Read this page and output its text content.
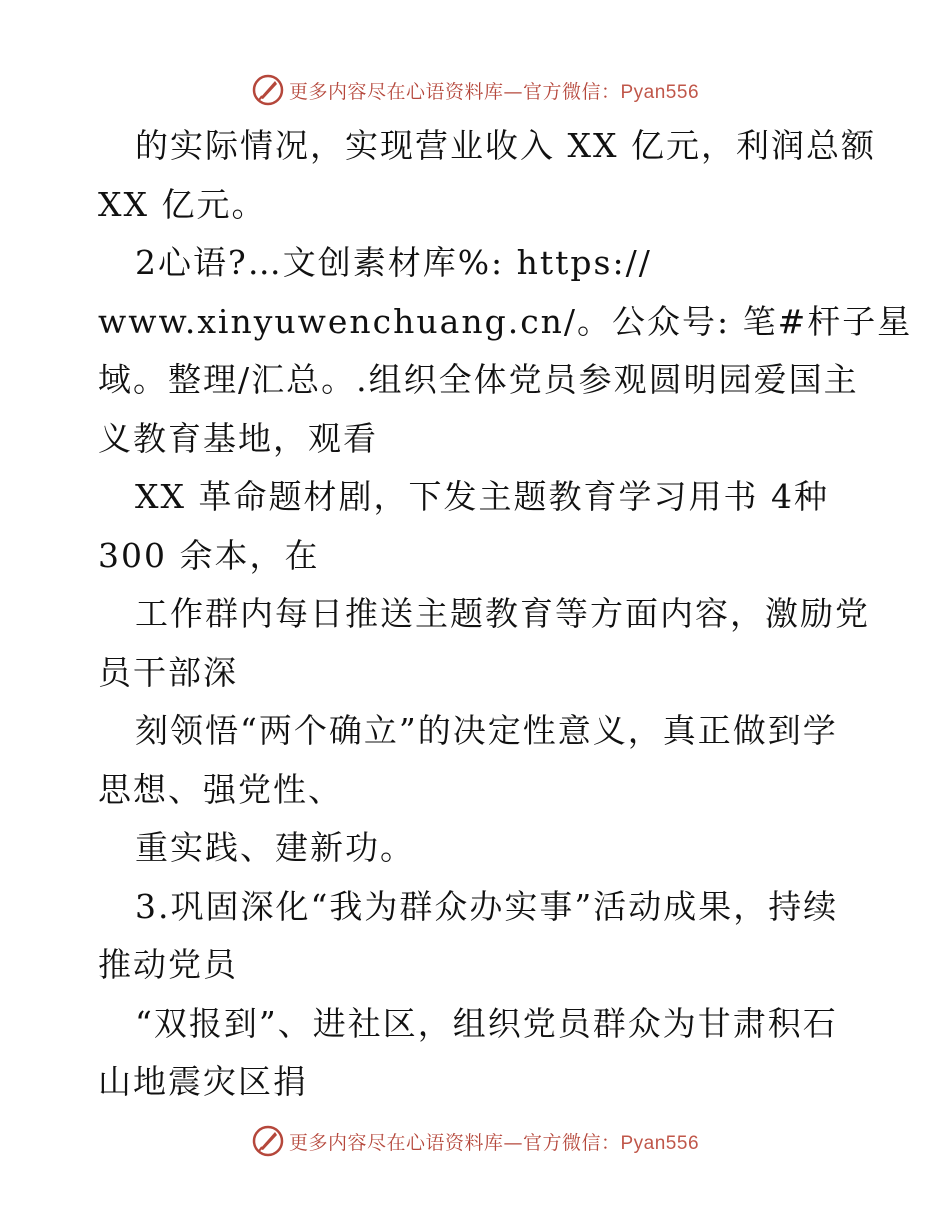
更多内容尽在心语资料库—官方微信：Pyan556
的实际情况，实现营业收入 XX 亿元，利润总额
XX 亿元。
2心语?…文创素材库%: https://
www.xinyuwenchuang.cn/。公众号: 笔#杆子星
域。整理/汇总。.组织全体党员参观圆明园爱国主
义教育基地，观看
XX 革命题材剧，下发主题教育学习用书 4种
300 余本，在
工作群内每日推送主题教育等方面内容，激励党
员干部深
刻领悟“两个确立”的决定性意义，真正做到学
思想、强党性、
重实践、建新功。
3.巩固深化“我为群众办实事”活动成果，持续
推动党员
“双报到”、进社区，组织党员群众为甘肃积石
山地震灾区捐
更多内容尽在心语资料库—官方微信：Pyan556
